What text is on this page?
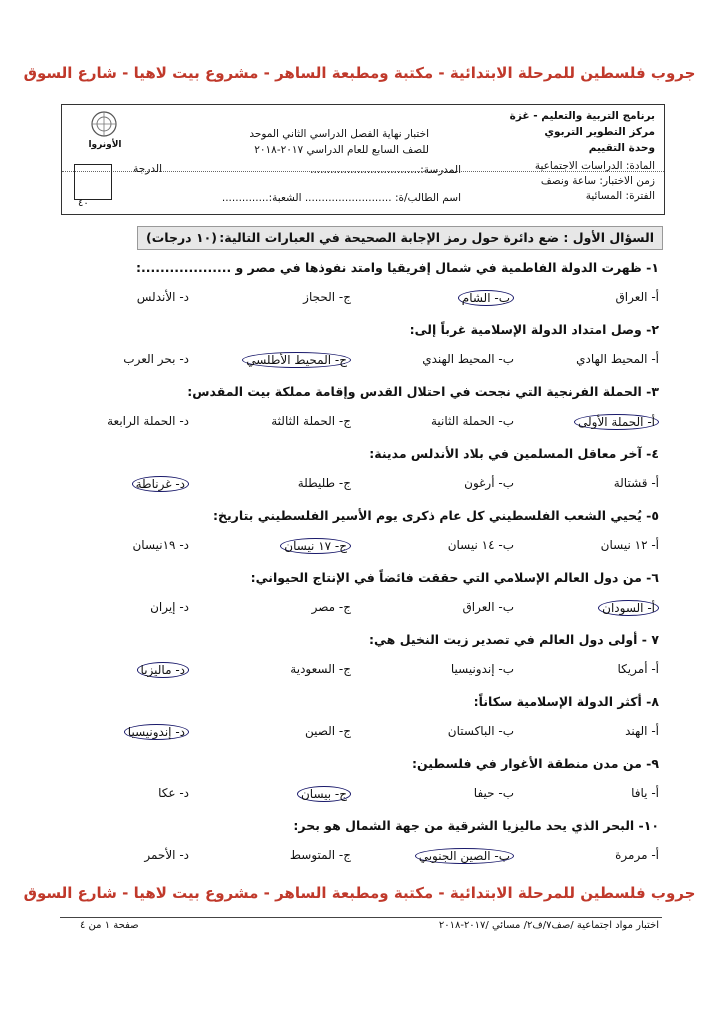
جروب فلسطين للمرحلة الابتدائية - مكتبة ومطبعة الساهر - مشروع بيت لاهيا - شارع السوق
برنامج التربية والتعليم - غزة
مركز التطوير التربوي
وحدة التقييم
اختبار نهاية الفصل الدراسي الثاني الموحد
للصف السابع للعام الدراسي ٢٠١٧-٢٠١٨
الأونروا
الدرجة
٤٠
المادة: الدراسات الاجتماعية
زمن الاختبار: ساعة ونصف
الفترة: المسائية
المدرسة:.................................
اسم الطالب/ة: .......................... الشعبة:..............
السؤال الأول : ضع دائرة حول رمز الإجابة الصحيحة في العبارات التالية:
(١٠ درجات)
١- ظهرت الدولة الفاطمية في شمال إفريقيا وامتد نفوذها في مصر و ...................:
أ- العراق
ب- الشام
ج- الحجاز
د- الأندلس
٢- وصل امتداد الدولة الإسلامية غرباً إلى:
أ- المحيط الهادي
ب- المحيط الهندي
ج- المحيط الأطلسي
د- بحر العرب
٣- الحملة الفرنجية التي نجحت في احتلال القدس وإقامة مملكة بيت المقدس:
أ- الحملة الأولى
ب- الحملة الثانية
ج- الحملة الثالثة
د- الحملة الرابعة
٤- آخر معاقل المسلمين في بلاد الأندلس مدينة:
أ- قشتالة
ب- أرغون
ج- طليطلة
د- غرناطة
٥- يُحيي الشعب الفلسطيني كل عام ذكرى يوم الأسير الفلسطيني بتاريخ:
أ- ١٢ نيسان
ب- ١٤ نيسان
ج- ١٧ نيسان
د- ١٩نيسان
٦- من دول العالم الإسلامي التي حققت فائضاً في الإنتاج الحيواني:
أ- السودان
ب- العراق
ج- مصر
د- إيران
٧ - أولى دول العالم في تصدير زيت النخيل هي:
أ- أمريكا
ب- إندونيسيا
ج- السعودية
د- ماليزيا
٨- أكثر الدولة الإسلامية سكاناً:
أ- الهند
ب- الباكستان
ج- الصين
د- إندونيسيا
٩- من مدن منطقة الأغوار في فلسطين:
أ- يافا
ب- حيفا
ج- بيسان
د- عكا
١٠- البحر الذي يحد ماليزيا الشرقية من جهة الشمال هو بحر:
أ- مرمرة
ب- الصين الجنوبي
ج- المتوسط
د- الأحمر
جروب فلسطين للمرحلة الابتدائية - مكتبة ومطبعة الساهر - مشروع بيت لاهيا - شارع السوق
اختبار مواد اجتماعية /صف٧/ف٢/ مسائي /٢٠١٧-٢٠١٨
صفحة ١ من ٤
